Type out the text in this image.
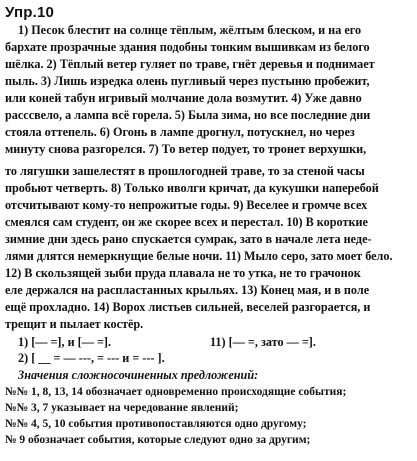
Упр.10
1) Песок блестит на солнце тёплым, жёлтым блеском, и на его
бархате прозрачные здания подобны тонким вышивкам из белого
шёлка. 2) Тёплый ветер гуляет по траве, гнёт деревья и поднимает
пыль. 3) Лишь изредка олень пугливый через пустыню пробежит,
или коней табун игривый молчание дола возмутит. 4) Уже давно
расссвело, а лампа всё горела. 5) Была зима, но все последние дни
стояла оттепель. 6) Огонь в лампе дрогнул, потускнел, но через
минуту снова разгорелся. 7) То ветер подует, то тронет верхушки,
то лягушки зашелестят в прошлогодней траве, то за стеной часы
пробьют четверть. 8) Только иволги кричат, да кукушки наперебой
отсчитывают кому-то непрожитые годы. 9) Веселее и громче всех
смеялся сам студент, он же скорее всех и перестал. 10) В короткие
зимние дни здесь рано спускается сумрак, зато в начале лета неде-
лями длятся немеркнущие белые ночи. 11) Мыло серо, зато моет бело.
12) В скользящей зыби пруда плавала не то утка, не то грачонок
еле держался на распластанных крыльях. 13) Конец мая, и в поле
ещё прохладно. 14) Ворох листьев сильней, веселей разгорается, и
трещит и пылает костёр.
1) [— =], и [— =].	11) [— =, зато — =].
2) [ __ = — ---, = --- и = --- ].
Значения сложносочиненных предложений:
№№ 1, 8, 13, 14 обозначает одновременно происходящие события;
№№ 3, 7 указывает на чередование явлений;
№№ 4, 5, 10 события противопоставляются одно другому;
№ 9 обозначает события, которые следуют одно за другим;
